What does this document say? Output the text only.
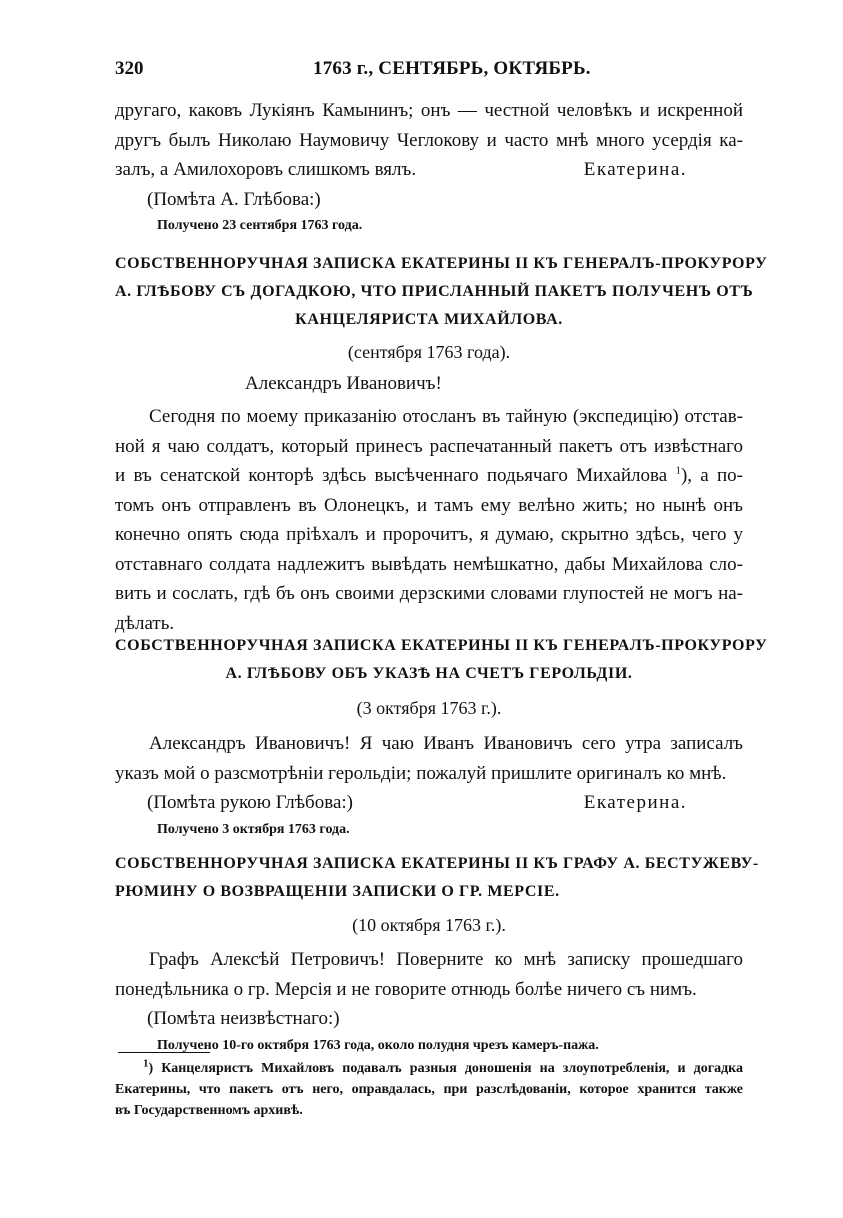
320	1763 г., СЕНТЯБРЬ, ОКТЯБРЬ.
другаго, каковъ Лукіянъ Камынинъ; онъ — честной человѣкъ и искренной
другъ былъ Николаю Наумовичу Чеглокову и часто мнѣ много усердія ка-
залъ, а Амилохоровъ слишкомъ вялъ.	Екатерина.
(Помѣта А. Глѣбова:)
Получено 23 сентября 1763 года.
СОБСТВЕННОРУЧНАЯ ЗАПИСКА ЕКАТЕРИНЫ II КЪ ГЕНЕРАЛЪ-ПРОКУРОРУ
А. ГЛѢБОВУ СЪ ДОГАДКОЮ, ЧТО ПРИСЛАННЫЙ ПАКЕТЪ ПОЛУЧЕНЪ ОТЪ
КАНЦЕЛЯРИСТА МИХАЙЛОВА.
(сентября 1763 года).
Александръ Ивановичъ!
Сегодня по моему приказанію отосланъ въ тайную (экспедицію) отстав-
ной я чаю солдатъ, который принесъ распечатанный пакетъ отъ извѣстнаго
и въ сенатской конторѣ здѣсь высѣченнаго подьячаго Михайлова $^1$), а по-
томъ онъ отправленъ въ Олонецкъ, и тамъ ему велѣно жить; но нынѣ онъ
конечно опять сюда пріѣхалъ и пророчитъ, я думаю, скрытно здѣсь, чего у
отставнаго солдата надлежитъ вывѣдать немѣшкатно, дабы Михайлова сло-
вить и сослать, гдѣ бъ онъ своими дерзскими словами глупостей не могъ на-
дѣлать.
СОБСТВЕННОРУЧНАЯ ЗАПИСКА ЕКАТЕРИНЫ II КЪ ГЕНЕРАЛЪ-ПРОКУРОРУ
А. ГЛѢБОВУ ОБЪ УКАЗѢ НА СЧЕТЪ ГЕРОЛЬДІИ.
(3 октября 1763 г.).
Александръ Ивановичъ! Я чаю Иванъ Ивановичъ сего утра записалъ
указъ мой о разсмотрѣніи герольдіи; пожалуй пришлите оригиналъ ко мнѣ.
(Помѣта рукою Глѣбова:)	Екатерина.
Получено 3 октября 1763 года.
СОБСТВЕННОРУЧНАЯ ЗАПИСКА ЕКАТЕРИНЫ II КЪ ГРАФУ А. БЕСТУЖЕВУ-
РЮМИНУ О ВОЗВРАЩЕНІИ ЗАПИСКИ О ГР. МЕРСІЕ.
(10 октября 1763 г.).
Графъ Алексѣй Петровичъ! Поверните ко мнѣ записку прошедшаго
понедѣльника о гр. Мерсія и не говорите отнюдь болѣе ничего съ нимъ.
(Помѣта неизвѣстнаго:)
Получено 10-го октября 1763 года, около полудня чрезъ камеръ-пажа.
$^1$) Канцеляристъ Михайловъ подавалъ разныя доношенія на злоупотребленія, и догадка
Екатерины, что пакетъ отъ него, оправдалась, при разслѣдованіи, которое хранится также
въ Государственномъ архивѣ.
